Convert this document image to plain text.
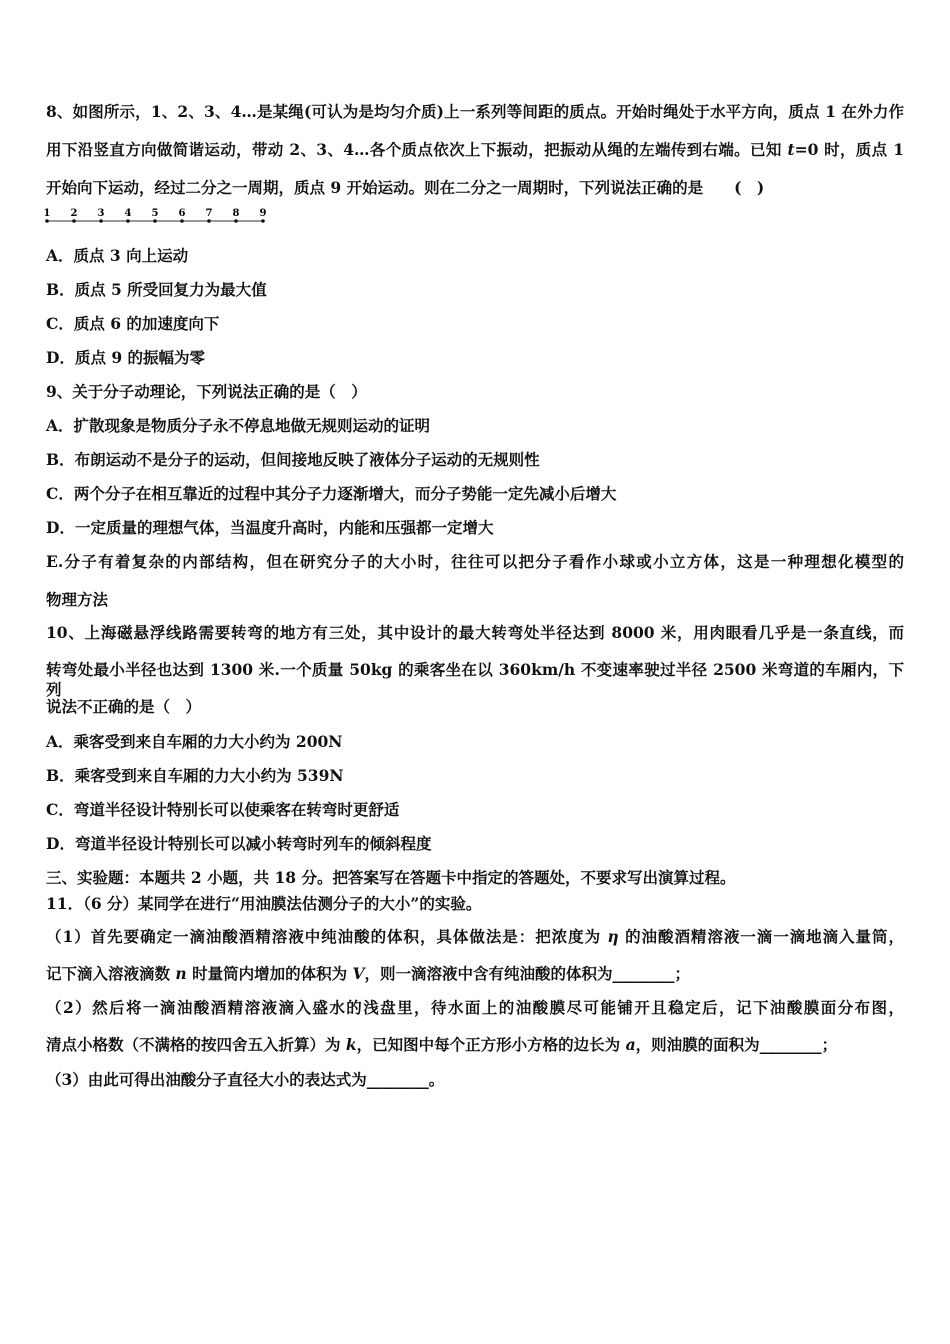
8、如图所示，1、2、3、4…是某绳(可认为是均匀介质)上一系列等间距的质点。开始时绳处于水平方向，质点 1 在外力作
用下沿竖直方向做简谐运动，带动 2、3、4…各个质点依次上下振动，把振动从绳的左端传到右端。已知 t=0 时，质点 1
开始向下运动，经过二分之一周期，质点 9 开始运动。则在二分之一周期时，下列说法正确的是　　(　)
1 2 3 4 5 6 7 8 9
A．质点 3 向上运动
B．质点 5 所受回复力为最大值
C．质点 6 的加速度向下
D．质点 9 的振幅为零
9、关于分子动理论，下列说法正确的是（　）
A．扩散现象是物质分子永不停息地做无规则运动的证明
B．布朗运动不是分子的运动，但间接地反映了液体分子运动的无规则性
C．两个分子在相互靠近的过程中其分子力逐渐增大，而分子势能一定先减小后增大
D．一定质量的理想气体，当温度升高时，内能和压强都一定增大
E.分子有着复杂的内部结构，但在研究分子的大小时，往往可以把分子看作小球或小立方体，这是一种理想化模型的
物理方法
10、上海磁悬浮线路需要转弯的地方有三处，其中设计的最大转弯处半径达到 8000 米，用肉眼看几乎是一条直线，而
转弯处最小半径也达到 1300 米.一个质量 50kg 的乘客坐在以 360km/h 不变速率驶过半径 2500 米弯道的车厢内，下列
说法不正确的是（　）
A．乘客受到来自车厢的力大小约为 200N
B．乘客受到来自车厢的力大小约为 539N
C．弯道半径设计特别长可以使乘客在转弯时更舒适
D．弯道半径设计特别长可以减小转弯时列车的倾斜程度
三、实验题：本题共 2 小题，共 18 分。把答案写在答题卡中指定的答题处，不要求写出演算过程。
11．（6 分）某同学在进行“用油膜法估测分子的大小”的实验。
（1）首先要确定一滴油酸酒精溶液中纯油酸的体积，具体做法是：把浓度为 η 的油酸酒精溶液一滴一滴地滴入量筒，
记下滴入溶液滴数 n 时量筒内增加的体积为 V，则一滴溶液中含有纯油酸的体积为________；
（2）然后将一滴油酸酒精溶液滴入盛水的浅盘里，待水面上的油酸膜尽可能铺开且稳定后，记下油酸膜面分布图，
清点小格数（不满格的按四舍五入折算）为 k，已知图中每个正方形小方格的边长为 a，则油膜的面积为________；
（3）由此可得出油酸分子直径大小的表达式为________。
